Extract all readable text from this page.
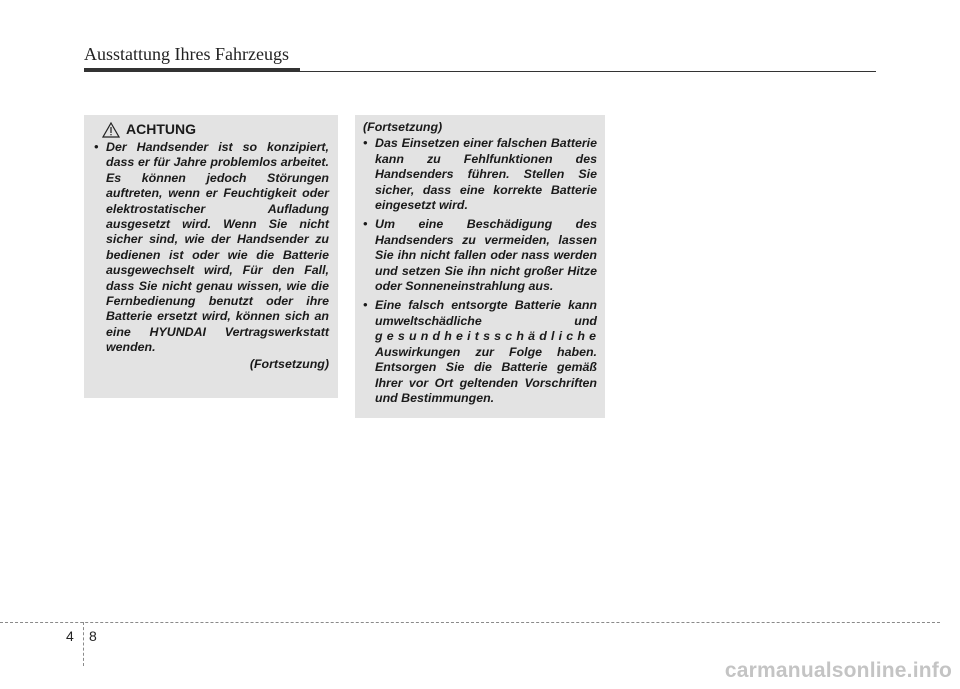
Ausstattung Ihres Fahrzeugs
ACHTUNG
• Der Handsender ist so konzipiert, dass er für Jahre problemlos arbeitet. Es können jedoch Störungen auftreten, wenn er Feuchtigkeit oder elektrostatischer Aufladung ausgesetzt wird. Wenn Sie nicht sicher sind, wie der Handsender zu bedienen ist oder wie die Batterie ausgewechselt wird, Für den Fall, dass Sie nicht genau wissen, wie die Fernbedienung benutzt oder ihre Batterie ersetzt wird, können sich an eine HYUNDAI Vertragswerkstatt wenden.
(Fortsetzung)
(Fortsetzung)
• Das Einsetzen einer falschen Batterie kann zu Fehlfunktionen des Handsenders führen. Stellen Sie sicher, dass eine korrekte Batterie eingesetzt wird.
• Um eine Beschädigung des Handsenders zu vermeiden, lassen Sie ihn nicht fallen oder nass werden und setzen Sie ihn nicht großer Hitze oder Sonneneinstrahlung aus.
• Eine falsch entsorgte Batterie kann umweltschädliche und gesundheitsschädliche Auswirkungen zur Folge haben. Entsorgen Sie die Batterie gemäß Ihrer vor Ort geltenden Vorschriften und Bestimmungen.
4 8
carmanualsonline.info
